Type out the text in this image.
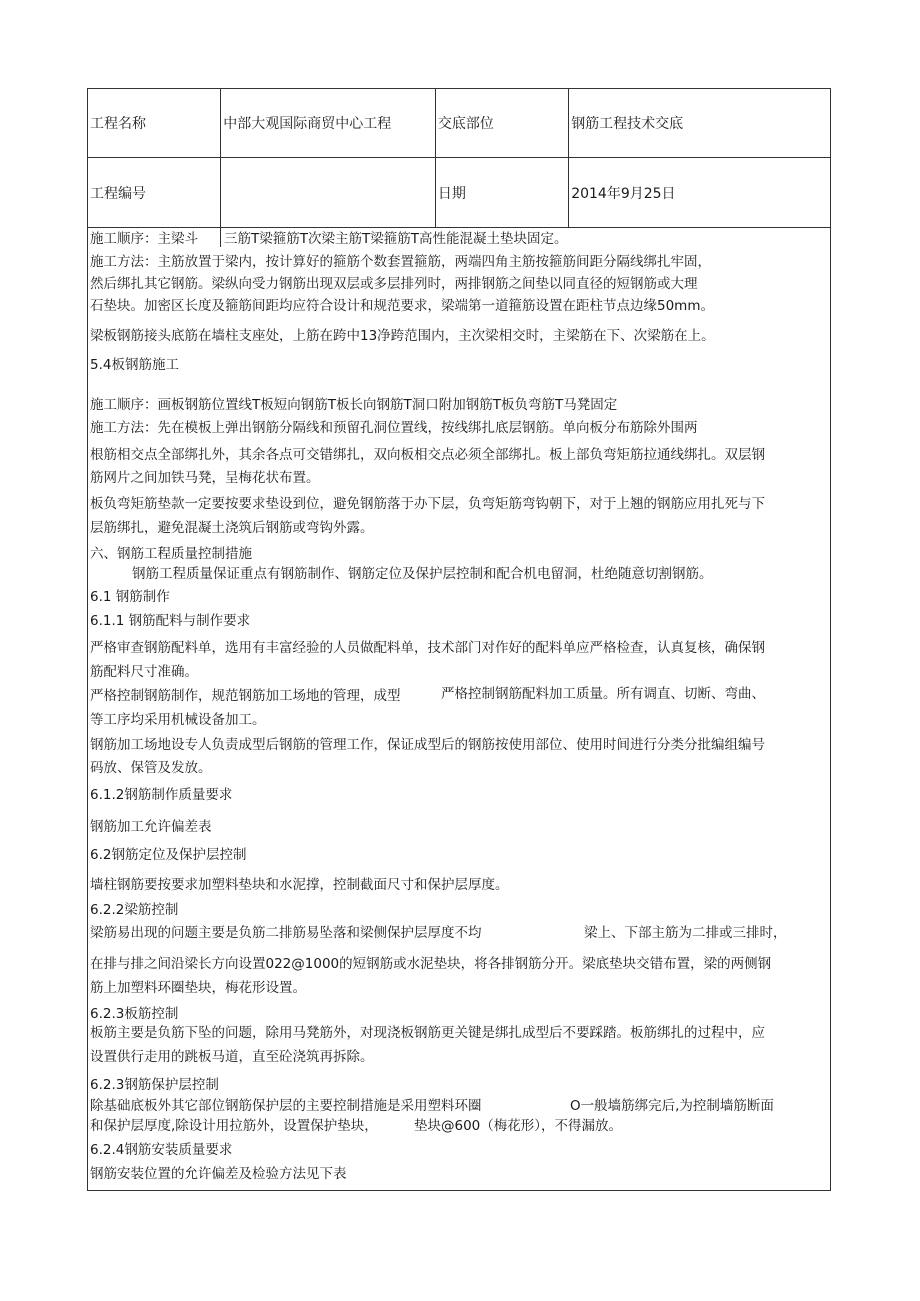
工程名称	中部大观国际商贸中心工程	交底部位	钢筋工程技术交底
工程编号		日期	2014年9月25日
施工顺序：主梁斗 三筋T梁箍筋T次梁主筋T梁箍筋T高性能混凝土垫块固定。
施工方法：主筋放置于梁内，按计算好的箍筋个数套置箍筋，两端四角主筋按箍筋间距分隔线绑扎牢固，
然后绑扎其它钢筋。梁纵向受力钢筋出现双层或多层排列时，两排钢筋之间垫以同直径的短钢筋或大理
石垫块。加密区长度及箍筋间距均应符合设计和规范要求，梁端第一道箍筋设置在距柱节点边缘50mm。
梁板钢筋接头底筋在墙柱支座处，上筋在跨中13净跨范围内，主次梁相交时，主梁筋在下、次梁筋在上。
5.4板钢筋施工
施工顺序：画板钢筋位置线T板短向钢筋T板长向钢筋T洞口附加钢筋T板负弯筋T马凳固定
施工方法：先在模板上弹出钢筋分隔线和预留孔洞位置线，按线绑扎底层钢筋。单向板分布筋除外围两
根筋相交点全部绑扎外，其余各点可交错绑扎，双向板相交点必须全部绑扎。板上部负弯矩筋拉通线绑扎。双层钢
筋网片之间加铁马凳，呈梅花状布置。
板负弯矩筋垫款一定要按要求垫设到位，避免钢筋落于办下层，负弯矩筋弯钩朝下，对于上翘的钢筋应用扎死与下
层筋绑扎，避免混凝土浇筑后钢筋或弯钩外露。
六、钢筋工程质量控制措施
钢筋工程质量保证重点有钢筋制作、钢筋定位及保护层控制和配合机电留洞，杜绝随意切割钢筋。
6.1 钢筋制作
6.1.1 钢筋配料与制作要求
严格审查钢筋配料单，选用有丰富经验的人员做配料单，技术部门对作好的配料单应严格检查，认真复核，确保钢
筋配料尺寸准确。
严格控制钢筋制作，规范钢筋加工场地的管理，成型	严格控制钢筋配料加工质量。所有调直、切断、弯曲、
等工序均采用机械设备加工。
钢筋加工场地设专人负责成型后钢筋的管理工作，保证成型后的钢筋按使用部位、使用时间进行分类分批编组编号
码放、保管及发放。
6.1.2钢筋制作质量要求
钢筋加工允许偏差表
6.2钢筋定位及保护层控制
墙柱钢筋要按要求加塑料垫块和水泥撑，控制截面尺寸和保护层厚度。
6.2.2梁筋控制
梁筋易出现的问题主要是负筋二排筋易坠落和梁侧保护层厚度不均	梁上、下部主筋为二排或三排时，
在排与排之间沿梁长方向设置022@1000的短钢筋或水泥垫块，将各排钢筋分开。梁底垫块交错布置，梁的两侧钢
筋上加塑料环圈垫块，梅花形设置。
6.2.3板筋控制
板筋主要是负筋下坠的问题，除用马凳筋外，对现浇板钢筋更关键是绑扎成型后不要踩踏。板筋绑扎的过程中，应
设置供行走用的跳板马道，直至砼浇筑再拆除。
6.2.3钢筋保护层控制
除基础底板外其它部位钢筋保护层的主要控制措施是采用塑料环圈	O一般墙筋绑完后,为控制墙筋断面
和保护层厚度,除设计用拉筋外，设置保护垫块，	垫块@600（梅花形），不得漏放。
6.2.4钢筋安装质量要求
钢筋安装位置的允许偏差及检验方法见下表
